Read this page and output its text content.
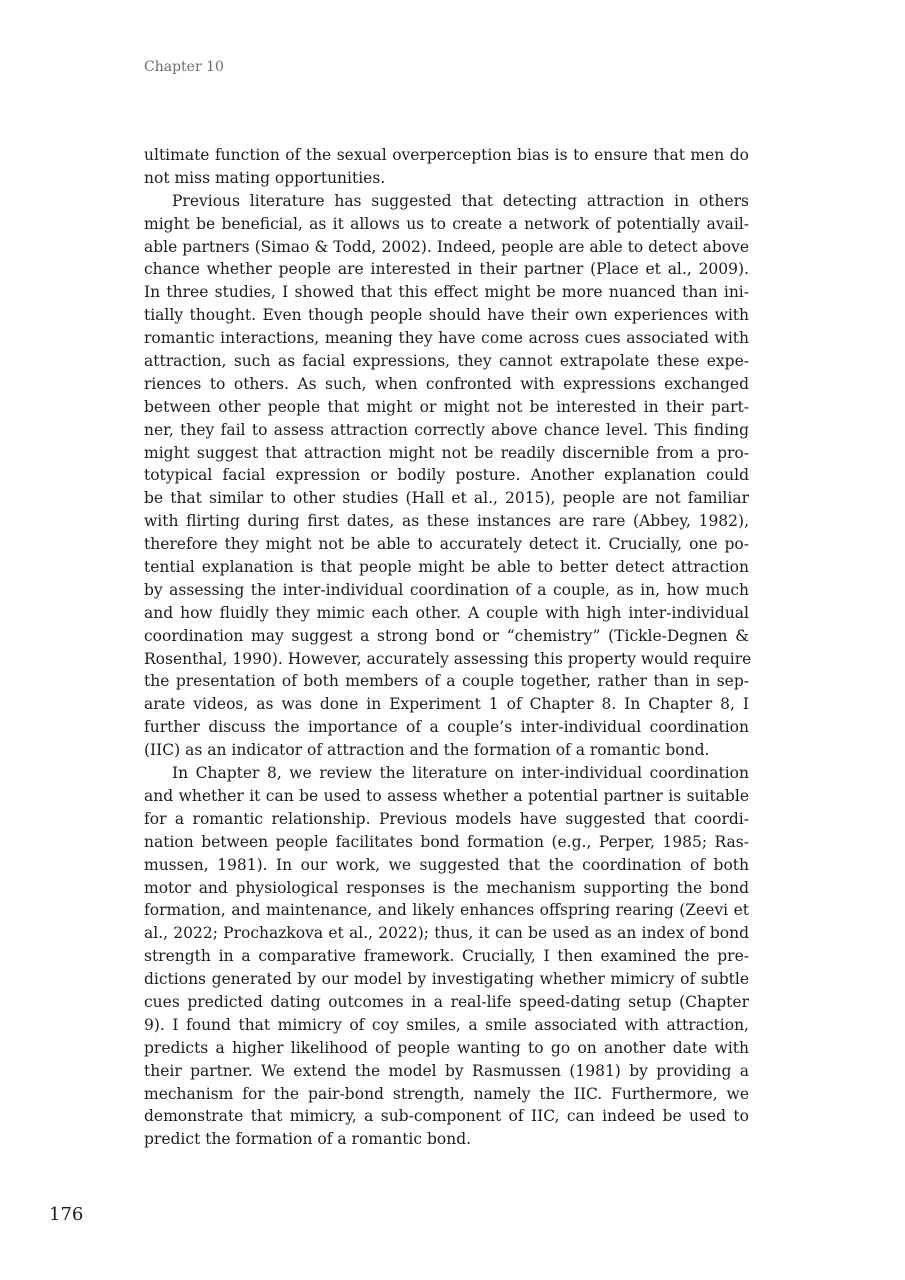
Chapter 10
ultimate function of the sexual overperception bias is to ensure that men do
not miss mating opportunities.
Previous literature has suggested that detecting attraction in others
might be beneficial, as it allows us to create a network of potentially avail-
able partners (Simao & Todd, 2002). Indeed, people are able to detect above
chance whether people are interested in their partner (Place et al., 2009).
In three studies, I showed that this effect might be more nuanced than ini-
tially thought. Even though people should have their own experiences with
romantic interactions, meaning they have come across cues associated with
attraction, such as facial expressions, they cannot extrapolate these expe-
riences to others. As such, when confronted with expressions exchanged
between other people that might or might not be interested in their part-
ner, they fail to assess attraction correctly above chance level. This finding
might suggest that attraction might not be readily discernible from a pro-
totypical facial expression or bodily posture. Another explanation could
be that similar to other studies (Hall et al., 2015), people are not familiar
with flirting during first dates, as these instances are rare (Abbey, 1982),
therefore they might not be able to accurately detect it. Crucially, one po-
tential explanation is that people might be able to better detect attraction
by assessing the inter-individual coordination of a couple, as in, how much
and how fluidly they mimic each other. A couple with high inter-individual
coordination may suggest a strong bond or “chemistry” (Tickle-Degnen &
Rosenthal, 1990). However, accurately assessing this property would require
the presentation of both members of a couple together, rather than in sep-
arate videos, as was done in Experiment 1 of Chapter 8. In Chapter 8, I
further discuss the importance of a couple’s inter-individual coordination
(IIC) as an indicator of attraction and the formation of a romantic bond.
In Chapter 8, we review the literature on inter-individual coordination
and whether it can be used to assess whether a potential partner is suitable
for a romantic relationship. Previous models have suggested that coordi-
nation between people facilitates bond formation (e.g., Perper, 1985; Ras-
mussen, 1981). In our work, we suggested that the coordination of both
motor and physiological responses is the mechanism supporting the bond
formation, and maintenance, and likely enhances offspring rearing (Zeevi et
al., 2022; Prochazkova et al., 2022); thus, it can be used as an index of bond
strength in a comparative framework. Crucially, I then examined the pre-
dictions generated by our model by investigating whether mimicry of subtle
cues predicted dating outcomes in a real-life speed-dating setup (Chapter
9). I found that mimicry of coy smiles, a smile associated with attraction,
predicts a higher likelihood of people wanting to go on another date with
their partner. We extend the model by Rasmussen (1981) by providing a
mechanism for the pair-bond strength, namely the IIC. Furthermore, we
demonstrate that mimicry, a sub-component of IIC, can indeed be used to
predict the formation of a romantic bond.
176
